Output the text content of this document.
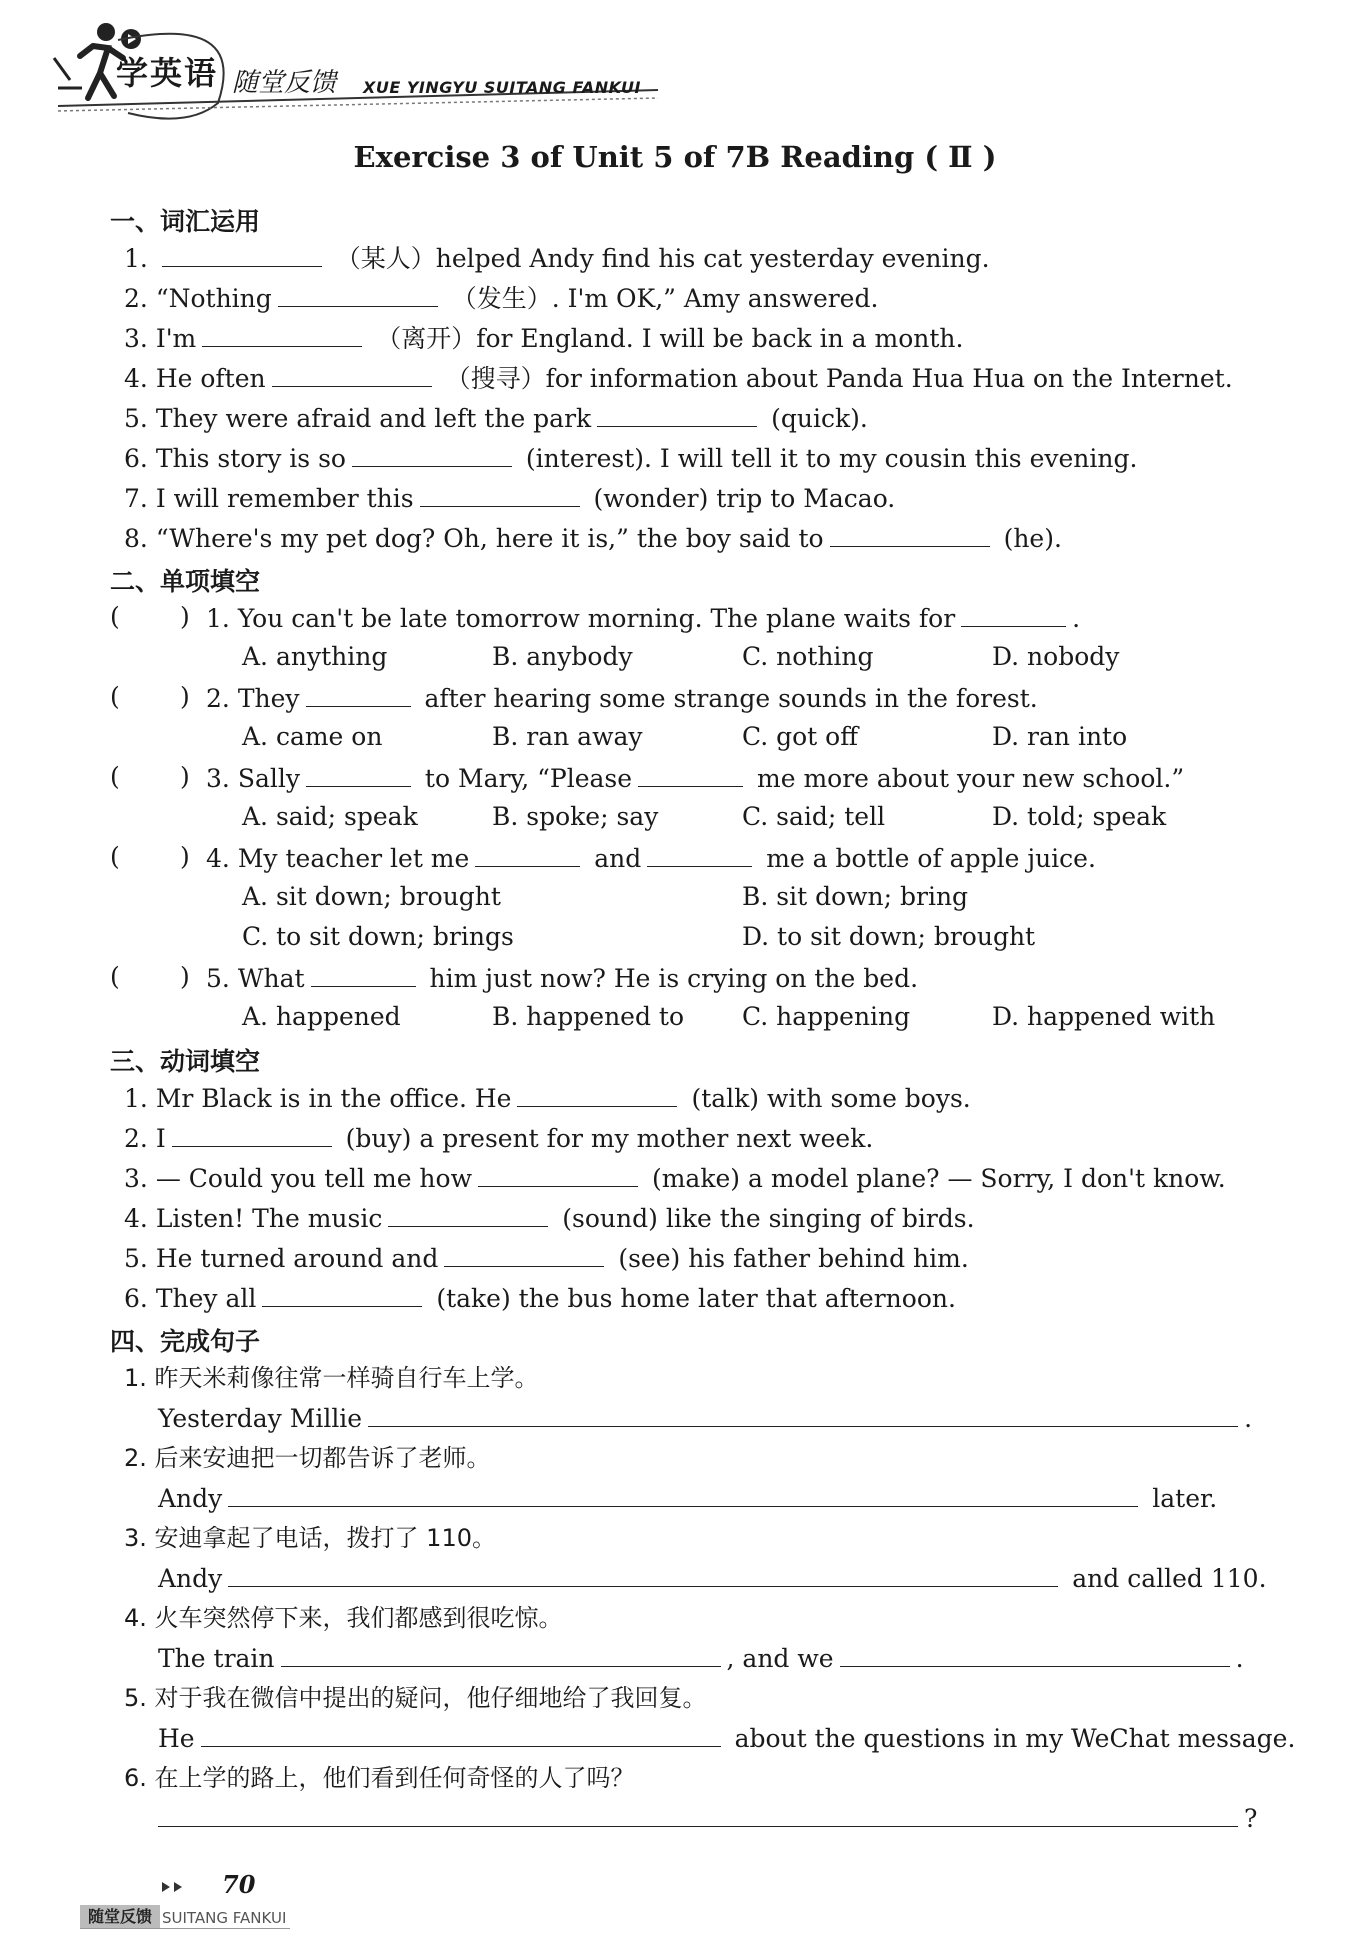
学英语 随堂反馈 XUE YINGYU SUITANG FANKUI
Exercise 3 of Unit 5 of 7B Reading ( Ⅱ )
一、词汇运用
1.	（某人）helped Andy find his cat yesterday evening.
2. “Nothing	（发生）. I'm OK,” Amy answered.
3. I'm	（离开）for England. I will be back in a month.
4. He often	（搜寻）for information about Panda Hua Hua on the Internet.
5. They were afraid and left the park	(quick).
6. This story is so	(interest). I will tell it to my cousin this evening.
7. I will remember this	(wonder) trip to Macao.
8. “Where's my pet dog? Oh, here it is,” the boy said to	(he).
二、单项填空
( ) 1. You can't be late tomorrow morning. The plane waits for	.
A. anything	B. anybody	C. nothing	D. nobody
( ) 2. They	after hearing some strange sounds in the forest.
A. came on	B. ran away	C. got off	D. ran into
( ) 3. Sally	to Mary, “Please	me more about your new school.”
A. said; speak	B. spoke; say	C. said; tell	D. told; speak
( ) 4. My teacher let me	and	me a bottle of apple juice.
A. sit down; brought	B. sit down; bring
C. to sit down; brings	D. to sit down; brought
( ) 5. What	him just now? He is crying on the bed.
A. happened	B. happened to C. happening	D. happened with
三、动词填空
1. Mr Black is in the office. He	(talk) with some boys.
2. I	(buy) a present for my mother next week.
3. — Could you tell me how	(make) a model plane? — Sorry, I don't know.
4. Listen! The music	(sound) like the singing of birds.
5. He turned around and	(see) his father behind him.
6. They all	(take) the bus home later that afternoon.
四、完成句子
1. 昨天米莉像往常一样骑自行车上学。
Yesterday Millie	.
2. 后来安迪把一切都告诉了老师。
Andy	later.
3. 安迪拿起了电话，拨打了 110。
Andy	and called 110.
4. 火车突然停下来，我们都感到很吃惊。
The train	, and we	.
5. 对于我在微信中提出的疑问，他仔细地给了我回复。
He	about the questions in my WeChat message.
6. 在上学的路上，他们看到任何奇怪的人了吗？
?
70
随堂反馈 SUITANG FANKUI
